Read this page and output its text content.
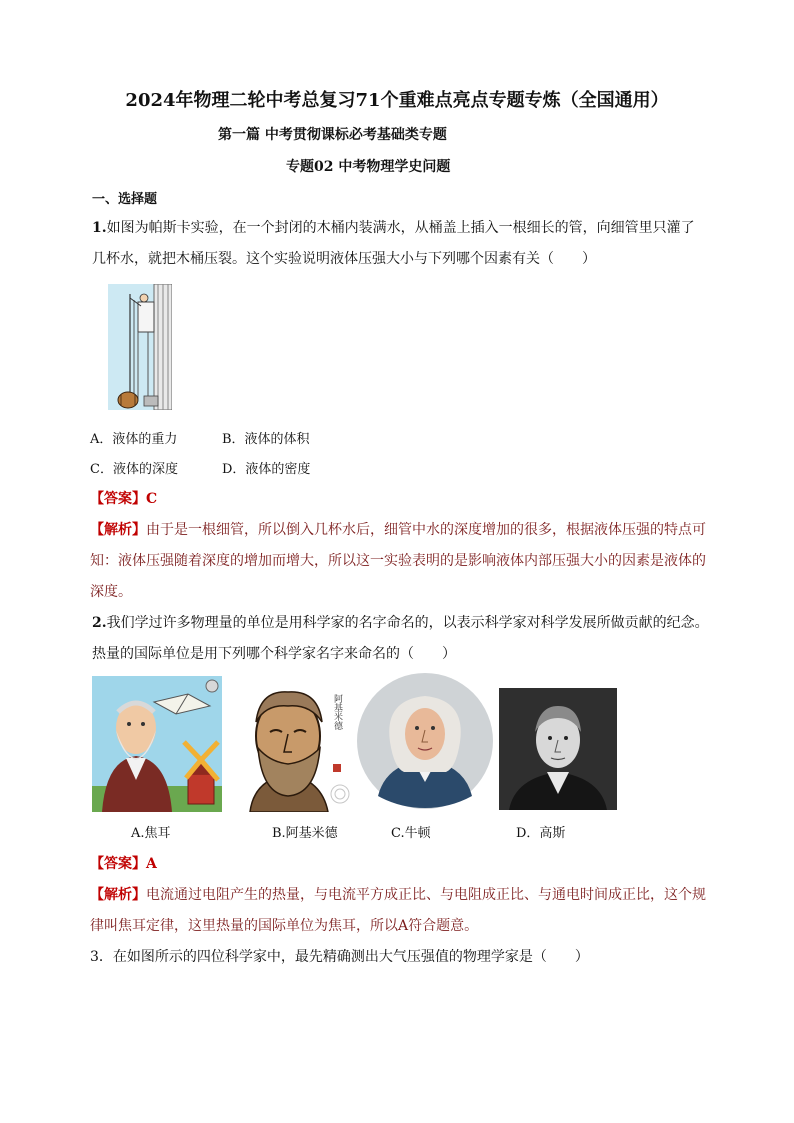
2024年物理二轮中考总复习71个重难点亮点专题专炼（全国通用）
第一篇 中考贯彻课标必考基础类专题
专题02 中考物理学史问题
一、选择题
1.如图为帕斯卡实验，在一个封闭的木桶内装满水，从桶盖上插入一根细长的管，向细管里只灌了
几杯水，就把木桶压裂。这个实验说明液体压强大小与下列哪个因素有关（　　）
A．液体的重力	B．液体的体积
C．液体的深度	D．液体的密度
【答案】C
【解析】由于是一根细管，所以倒入几杯水后，细管中水的深度增加的很多，根据液体压强的特点可
知：液体压强随着深度的增加而增大，所以这一实验表明的是影响液体内部压强大小的因素是液体的
深度。
2.我们学过许多物理量的单位是用科学家的名字命名的，以表示科学家对科学发展所做贡献的纪念。
热量的国际单位是用下列哪个科学家名字来命名的（　　）
阿基米德
A.焦耳	B.阿基米德	C.牛顿	D．高斯
【答案】A
【解析】电流通过电阻产生的热量，与电流平方成正比、与电阻成正比、与通电时间成正比，这个规
律叫焦耳定律，这里热量的国际单位为焦耳，所以A符合题意。
3．在如图所示的四位科学家中，最先精确测出大气压强值的物理学家是（　　）
